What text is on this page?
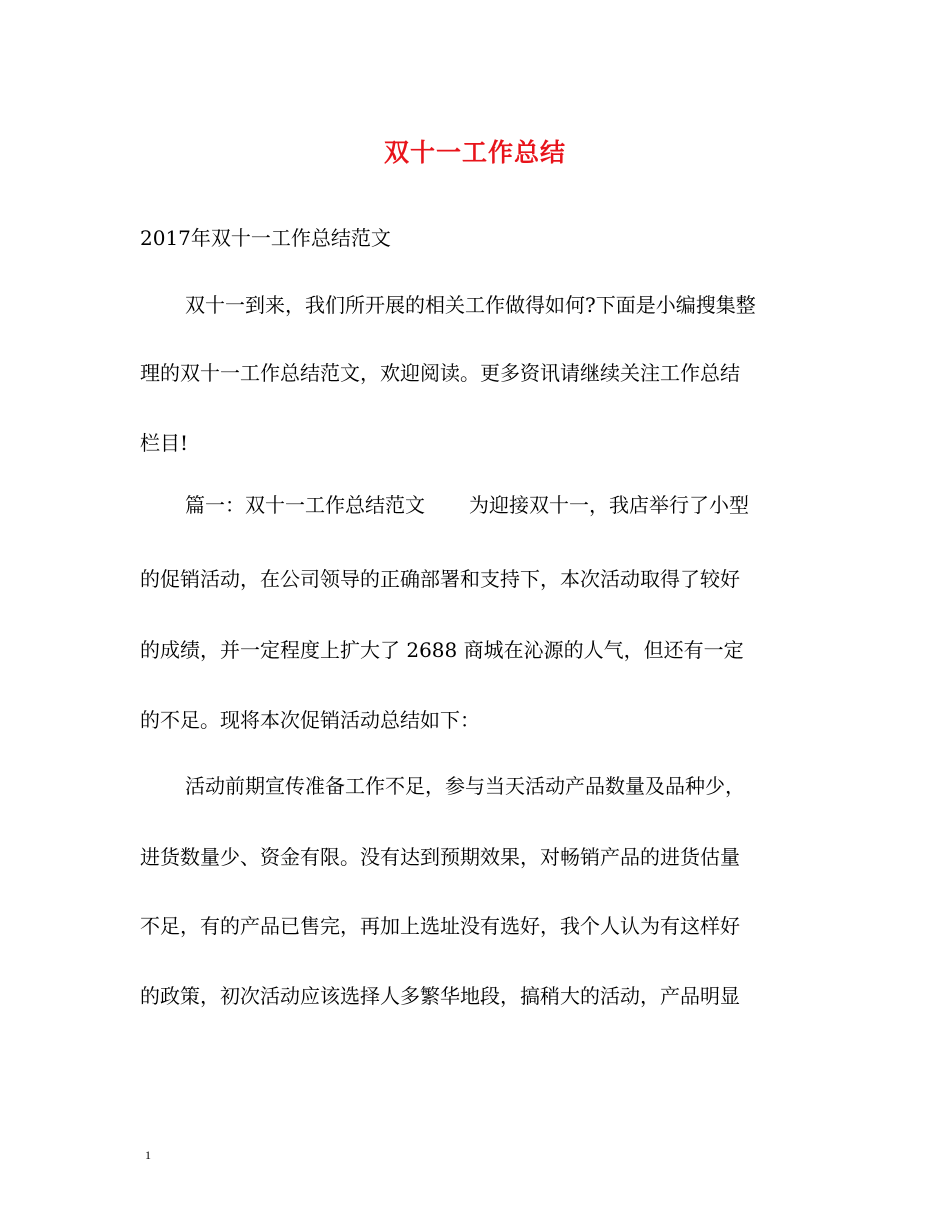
双十一工作总结
2017年双十一工作总结范文
双十一到来，我们所开展的相关工作做得如何?下面是小编搜集整
理的双十一工作总结范文，欢迎阅读。更多资讯请继续关注工作总结
栏目!
篇一：双十一工作总结范文 为迎接双十一，我店举行了小型
的促销活动，在公司领导的正确部署和支持下，本次活动取得了较好
的成绩，并一定程度上扩大了 2688 商城在沁源的人气，但还有一定
的不足。现将本次促销活动总结如下：
活动前期宣传准备工作不足，参与当天活动产品数量及品种少，
进货数量少、资金有限。没有达到预期效果，对畅销产品的进货估量
不足，有的产品已售完，再加上选址没有选好，我个人认为有这样好
的政策，初次活动应该选择人多繁华地段，搞稍大的活动，产品明显
1
